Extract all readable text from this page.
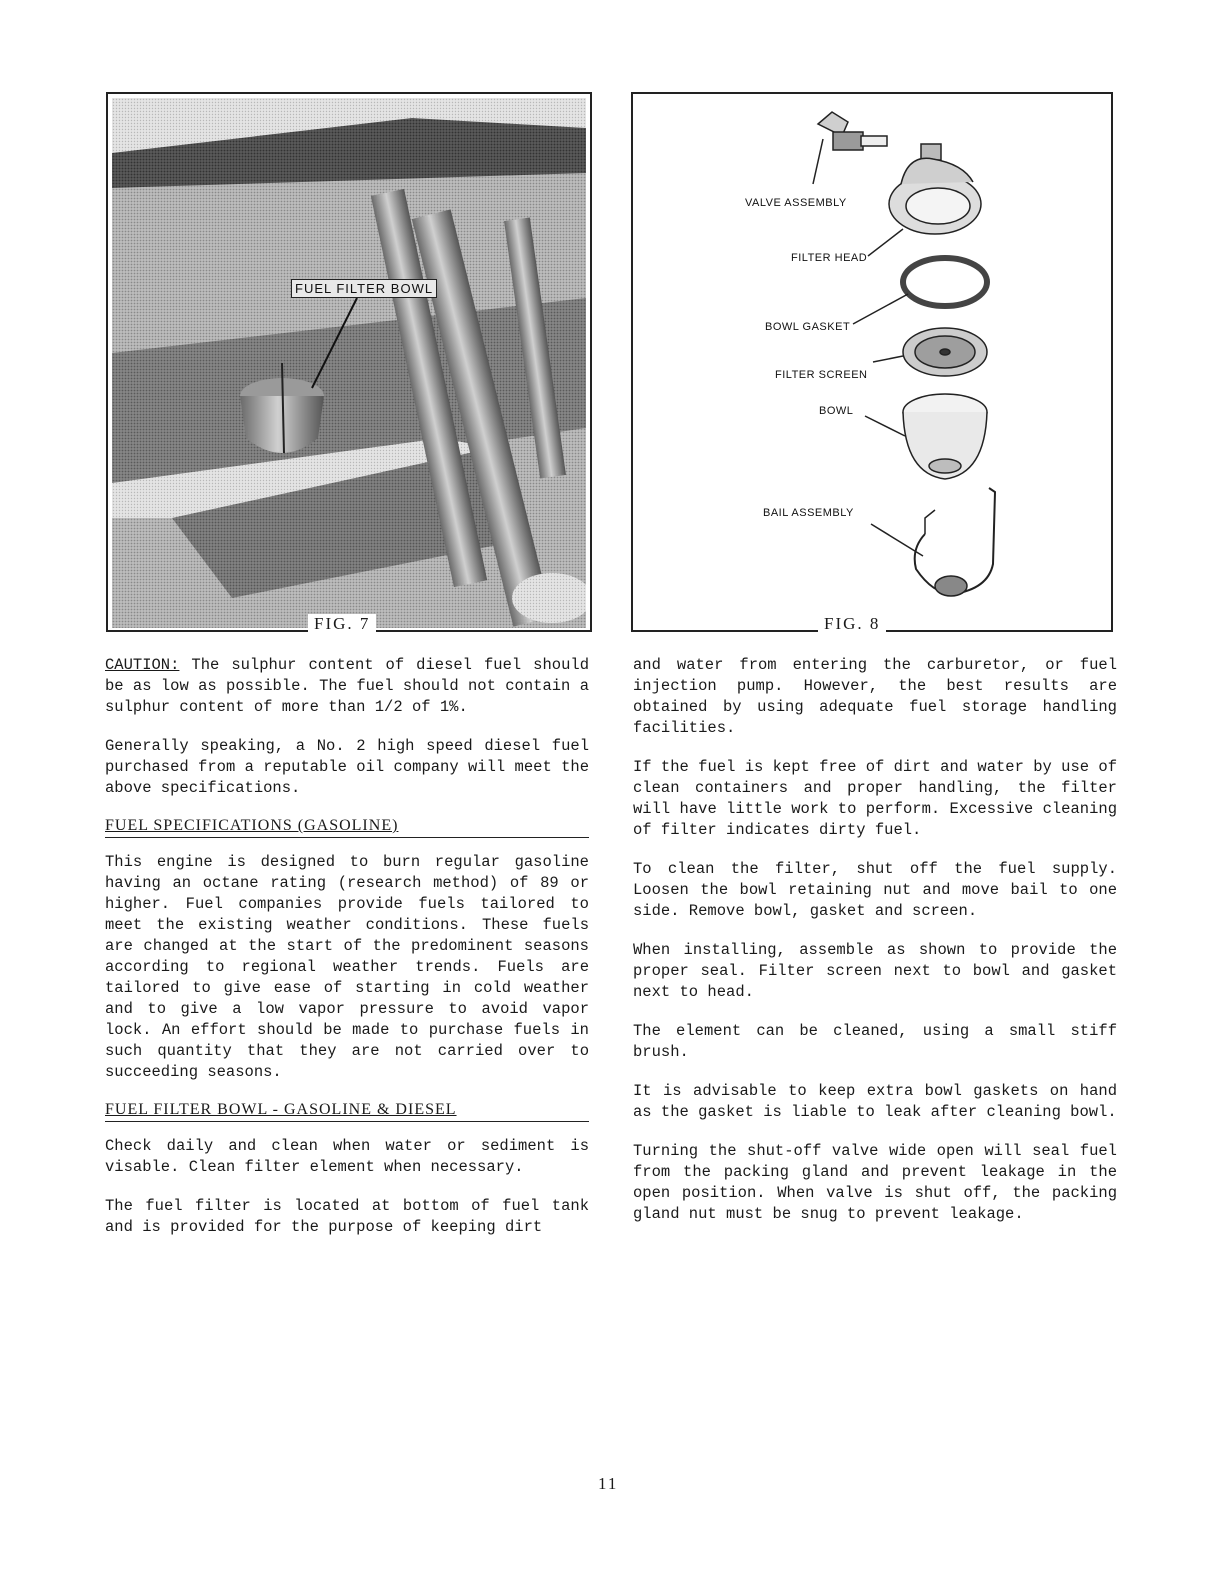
FUEL FILTER BOWL
FIG. 7
VALVE ASSEMBLY
FILTER HEAD
BOWL GASKET
FILTER SCREEN
BOWL
BAIL ASSEMBLY
FIG. 8

CAUTION: The sulphur content of diesel fuel should be as low as possible. The fuel should not contain a sulphur content of more than 1/2 of 1%.

Generally speaking, a No. 2 high speed diesel fuel purchased from a reputable oil company will meet the above specifications.

FUEL SPECIFICATIONS (GASOLINE)

This engine is designed to burn regular gasoline having an octane rating (research method) of 89 or higher. Fuel companies provide fuels tailored to meet the existing weather conditions. These fuels are changed at the start of the predominent seasons according to regional weather trends. Fuels are tailored to give ease of starting in cold weather and to give a low vapor pressure to avoid vapor lock. An effort should be made to purchase fuels in such quantity that they are not carried over to succeeding seasons.

FUEL FILTER BOWL - GASOLINE & DIESEL

Check daily and clean when water or sediment is visable. Clean filter element when necessary.

The fuel filter is located at bottom of fuel tank and is provided for the purpose of keeping dirt

and water from entering the carburetor, or fuel injection pump. However, the best results are obtained by using adequate fuel storage handling facilities.

If the fuel is kept free of dirt and water by use of clean containers and proper handling, the filter will have little work to perform. Excessive cleaning of filter indicates dirty fuel.

To clean the filter, shut off the fuel supply. Loosen the bowl retaining nut and move bail to one side. Remove bowl, gasket and screen.

When installing, assemble as shown to provide the proper seal. Filter screen next to bowl and gasket next to head.

The element can be cleaned, using a small stiff brush.

It is advisable to keep extra bowl gaskets on hand as the gasket is liable to leak after cleaning bowl.

Turning the shut-off valve wide open will seal fuel from the packing gland and prevent leakage in the open position. When valve is shut off, the packing gland nut must be snug to prevent leakage.

11
